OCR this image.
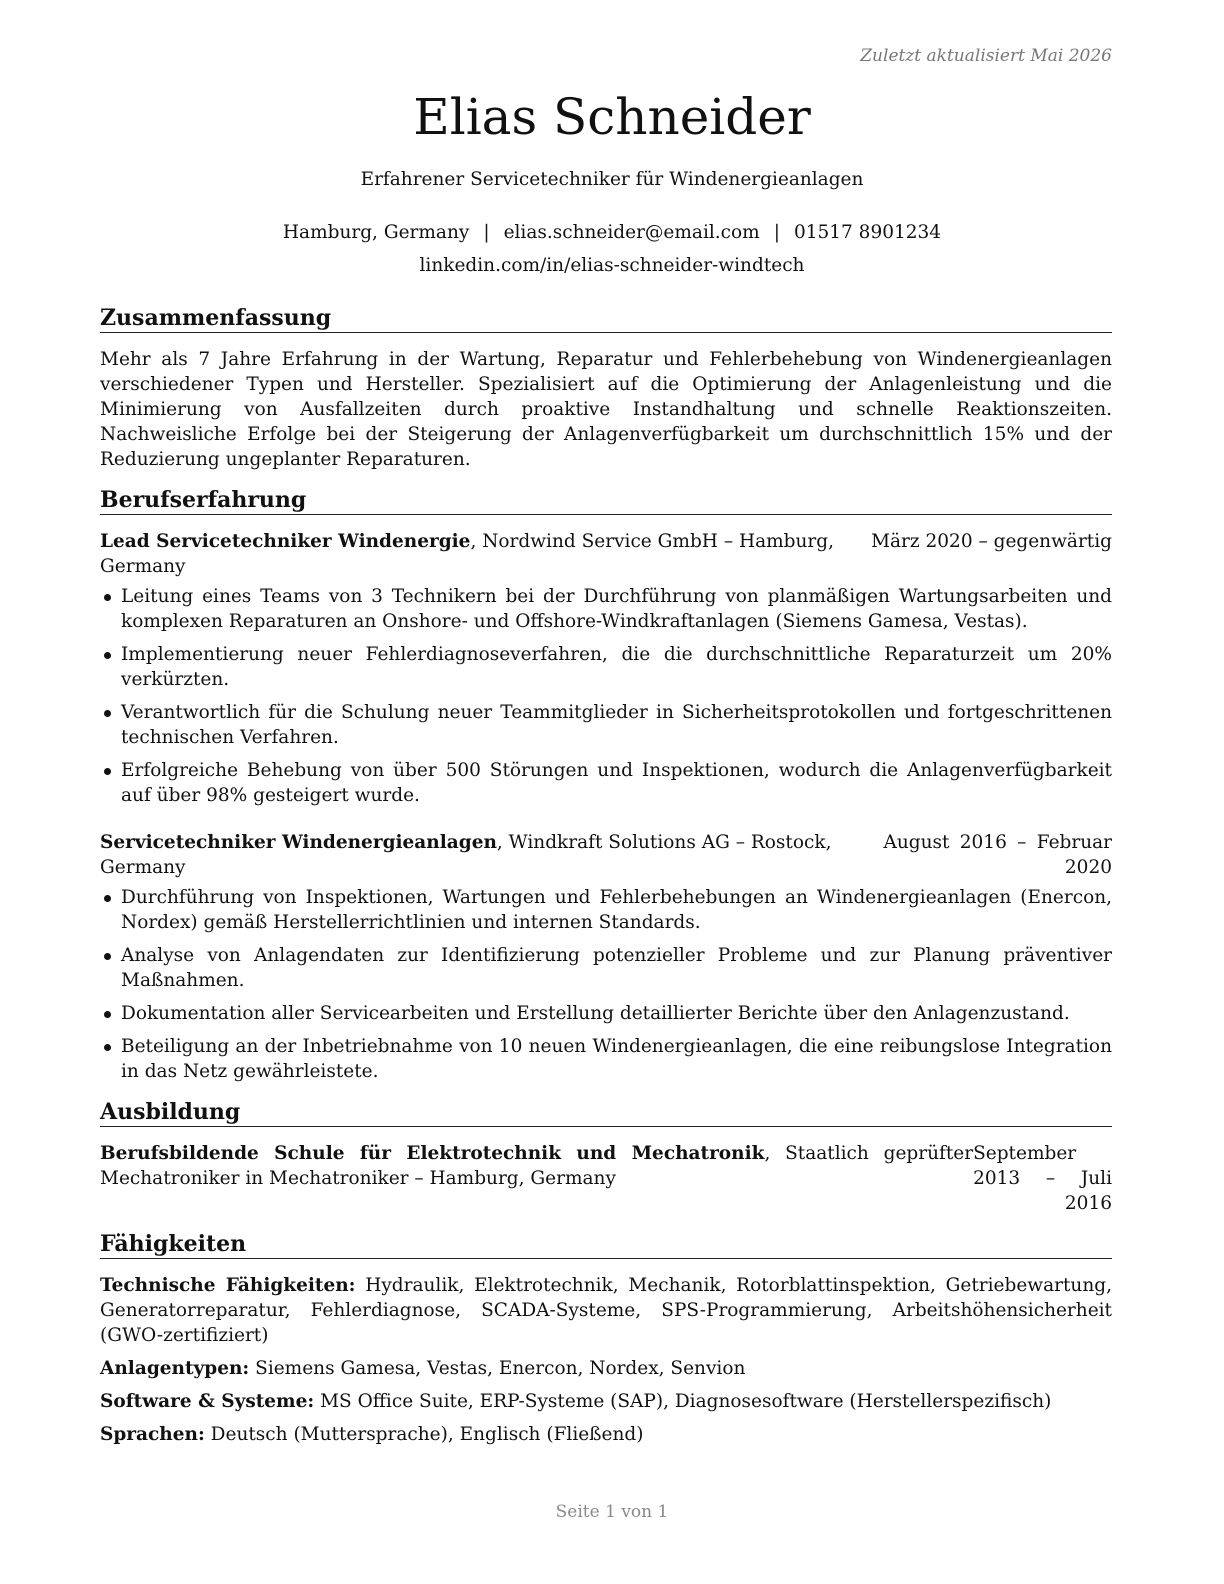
Zuletzt aktualisiert Mai 2026
Elias Schneider
Erfahrener Servicetechniker für Windenergieanlagen
Hamburg, Germany | elias.schneider@email.com | 01517 8901234
linkedin.com/in/elias-schneider-windtech
Zusammenfassung
Mehr als 7 Jahre Erfahrung in der Wartung, Reparatur und Fehlerbehebung von Windenergieanlagen verschiedener Typen und Hersteller. Spezialisiert auf die Optimierung der Anlagenleistung und die Minimierung von Ausfallzeiten durch proaktive Instandhaltung und schnelle Reaktionszeiten. Nachweisliche Erfolge bei der Steigerung der Anlagenverfügbarkeit um durchschnittlich 15% und der Reduzierung ungeplanter Reparaturen.
Berufserfahrung
Lead Servicetechniker Windenergie, Nordwind Service GmbH – Hamburg, Germany
März 2020 – gegenwärtig
Leitung eines Teams von 3 Technikern bei der Durchführung von planmäßigen Wartungsarbeiten und komplexen Reparaturen an Onshore- und Offshore-Windkraftanlagen (Siemens Gamesa, Vestas).
Implementierung neuer Fehlerdiagnoseverfahren, die die durchschnittliche Reparaturzeit um 20% verkürzten.
Verantwortlich für die Schulung neuer Teammitglieder in Sicherheitsprotokollen und fortgeschrittenen technischen Verfahren.
Erfolgreiche Behebung von über 500 Störungen und Inspektionen, wodurch die Anlagenverfügbarkeit auf über 98% gesteigert wurde.
Servicetechniker Windenergieanlagen, Windkraft Solutions AG – Rostock, Germany
August 2016 – Februar 2020
Durchführung von Inspektionen, Wartungen und Fehlerbehebungen an Windenergieanlagen (Enercon, Nordex) gemäß Herstellerrichtlinien und internen Standards.
Analyse von Anlagendaten zur Identifizierung potenzieller Probleme und zur Planung präventiver Maßnahmen.
Dokumentation aller Servicearbeiten und Erstellung detaillierter Berichte über den Anlagenzustand.
Beteiligung an der Inbetriebnahme von 10 neuen Windenergieanlagen, die eine reibungslose Integration in das Netz gewährleistete.
Ausbildung
Berufsbildende Schule für Elektrotechnik und Mechatronik, Staatlich geprüfter Mechatroniker in Mechatroniker – Hamburg, Germany
September 2013 – Juli 2016
Fähigkeiten
Technische Fähigkeiten: Hydraulik, Elektrotechnik, Mechanik, Rotorblattinspektion, Getriebewartung, Generatorreparatur, Fehlerdiagnose, SCADA-Systeme, SPS-Programmierung, Arbeitshöhensicherheit (GWO-zertifiziert)
Anlagentypen: Siemens Gamesa, Vestas, Enercon, Nordex, Senvion
Software & Systeme: MS Office Suite, ERP-Systeme (SAP), Diagnosesoftware (Herstellerspezifisch)
Sprachen: Deutsch (Muttersprache), Englisch (Fließend)
Seite 1 von 1
